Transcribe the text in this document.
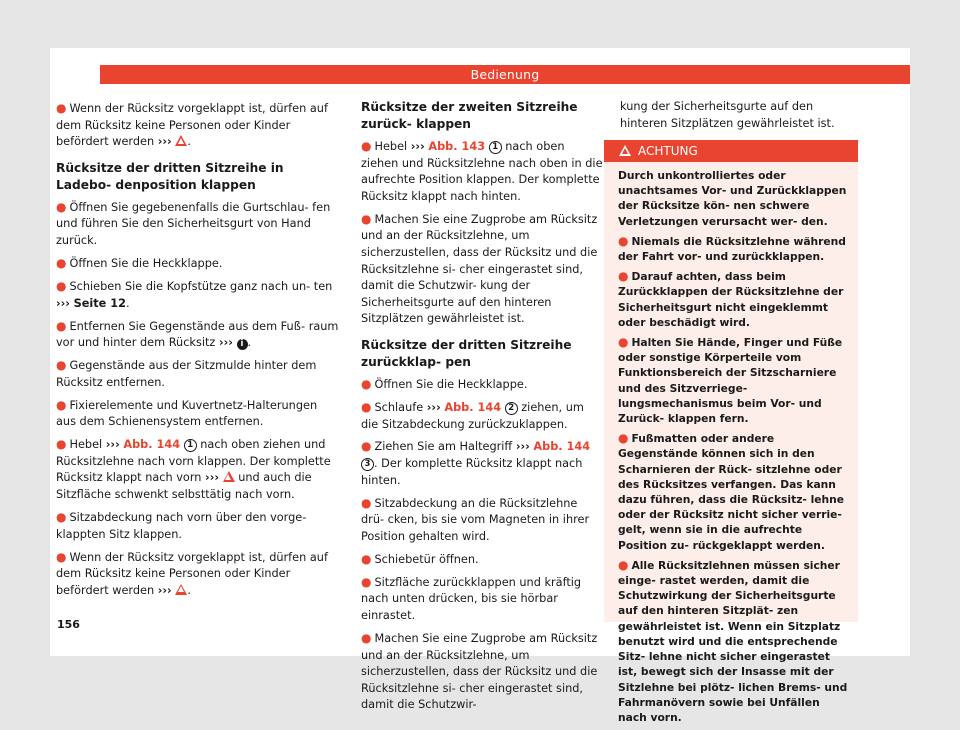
Bedienung
● Wenn der Rücksitz vorgeklappt ist, dürfen auf dem Rücksitz keine Personen oder Kinder befördert werden ››› .
Rücksitze der dritten Sitzreihe in Ladebo- denposition klappen
● Öffnen Sie gegebenenfalls die Gurtschlau- fen und führen Sie den Sicherheitsgurt von Hand zurück.
● Öffnen Sie die Heckklappe.
● Schieben Sie die Kopfstütze ganz nach un- ten ››› Seite 12.
● Entfernen Sie Gegenstände aus dem Fuß- raum vor und hinter dem Rücksitz ››› i .
● Gegenstände aus der Sitzmulde hinter dem Rücksitz entfernen.
● Fixierelemente und Kuvertnetz-Halterungen aus dem Schienensystem entfernen.
● Hebel ››› Abb. 144 1 nach oben ziehen und Rücksitzlehne nach vorn klappen. Der komplette Rücksitz klappt nach vorn ›››  und auch die Sitzfläche schwenkt selbsttätig nach vorn.
● Sitzabdeckung nach vorn über den vorge- klappten Sitz klappen.
● Wenn der Rücksitz vorgeklappt ist, dürfen auf dem Rücksitz keine Personen oder Kinder befördert werden ››› .
Rücksitze der zweiten Sitzreihe zurück- klappen
● Hebel ››› Abb. 143 1 nach oben ziehen und Rücksitzlehne nach oben in die aufrechte Position klappen. Der komplette Rücksitz klappt nach hinten.
● Machen Sie eine Zugprobe am Rücksitz und an der Rücksitzlehne, um sicherzustellen, dass der Rücksitz und die Rücksitzlehne si- cher eingerastet sind, damit die Schutzwir- kung der Sicherheitsgurte auf den hinteren Sitzplätzen gewährleistet ist.
Rücksitze der dritten Sitzreihe zurückklap- pen
● Öffnen Sie die Heckklappe.
● Schlaufe ››› Abb. 144 2 ziehen, um die Sitzabdeckung zurückzuklappen.
● Ziehen Sie am Haltegriff ››› Abb. 144 3 . Der komplette Rücksitz klappt nach hinten.
● Sitzabdeckung an die Rücksitzlehne drü- cken, bis sie vom Magneten in ihrer Position gehalten wird.
● Schiebetür öffnen.
● Sitzfläche zurückklappen und kräftig nach unten drücken, bis sie hörbar einrastet.
● Machen Sie eine Zugprobe am Rücksitz und an der Rücksitzlehne, um sicherzustellen, dass der Rücksitz und die Rücksitzlehne si- cher eingerastet sind, damit die Schutzwir-
kung der Sicherheitsgurte auf den hinteren Sitzplätzen gewährleistet ist.
ACHTUNG
Durch unkontrolliertes oder unachtsames Vor- und Zurückklappen der Rücksitze kön- nen schwere Verletzungen verursacht wer- den.
● Niemals die Rücksitzlehne während der Fahrt vor- und zurückklappen.
● Darauf achten, dass beim Zurückklappen der Rücksitzlehne der Sicherheitsgurt nicht eingeklemmt oder beschädigt wird.
● Halten Sie Hände, Finger und Füße oder sonstige Körperteile vom Funktionsbereich der Sitzscharniere und des Sitzverriege- lungsmechanismus beim Vor- und Zurück- klappen fern.
● Fußmatten oder andere Gegenstände können sich in den Scharnieren der Rück- sitzlehne oder des Rücksitzes verfangen. Das kann dazu führen, dass die Rücksitz- lehne oder der Rücksitz nicht sicher verrie- gelt, wenn sie in die aufrechte Position zu- rückgeklappt werden.
● Alle Rücksitzlehnen müssen sicher einge- rastet werden, damit die Schutzwirkung der Sicherheitsgurte auf den hinteren Sitzplät- zen gewährleistet ist. Wenn ein Sitzplatz benutzt wird und die entsprechende Sitz- lehne nicht sicher eingerastet ist, bewegt sich der Insasse mit der Sitzlehne bei plötz- lichen Brems- und Fahrmanövern sowie bei Unfällen nach vorn.
156
